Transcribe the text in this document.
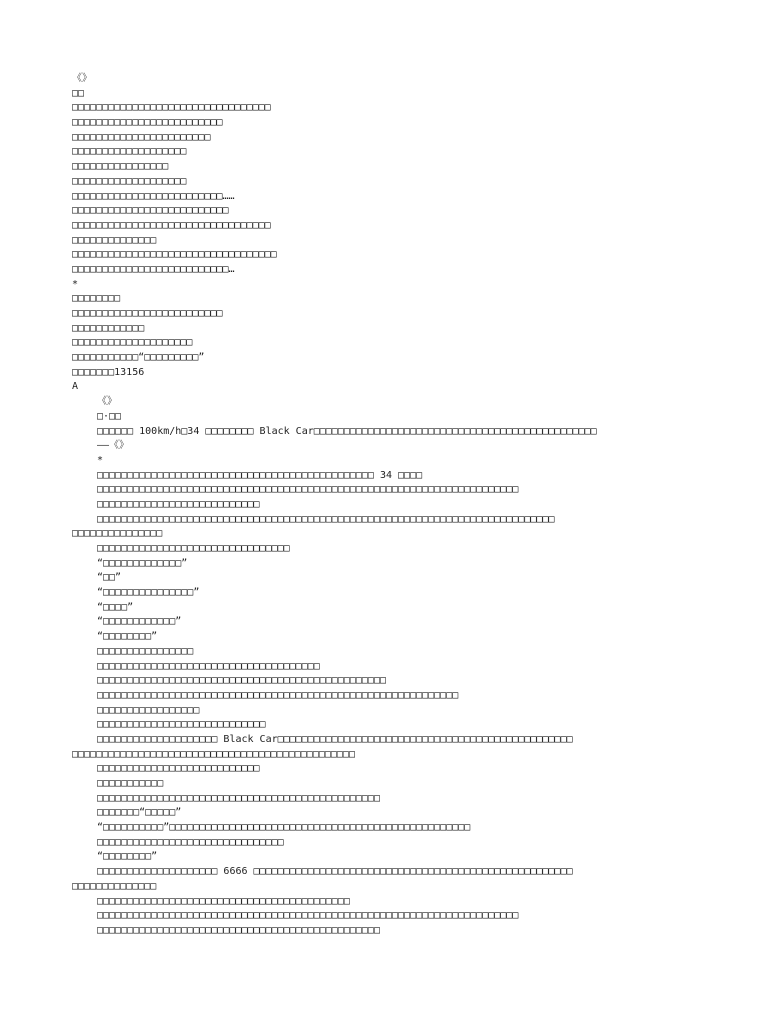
《》
□□
□□□□□□□□□□□□□□□□□□□□□□□□□□□□□□□□□
□□□□□□□□□□□□□□□□□□□□□□□□□
□□□□□□□□□□□□□□□□□□□□□□□
□□□□□□□□□□□□□□□□□□□
□□□□□□□□□□□□□□□□
□□□□□□□□□□□□□□□□□□□
□□□□□□□□□□□□□□□□□□□□□□□□□……
□□□□□□□□□□□□□□□□□□□□□□□□□□
□□□□□□□□□□□□□□□□□□□□□□□□□□□□□□□□□
□□□□□□□□□□□□□□
□□□□□□□□□□□□□□□□□□□□□□□□□□□□□□□□□□
□□□□□□□□□□□□□□□□□□□□□□□□□□…
*
□□□□□□□□
□□□□□□□□□□□□□□□□□□□□□□□□□
□□□□□□□□□□□□
□□□□□□□□□□□□□□□□□□□□
□□□□□□□□□□□“□□□□□□□□□”
□□□□□□□13156
A
《》
□·□□
□□□□□□ 100km/h□34 □□□□□□□□ Black Car□□□□□□□□□□□□□□□□□□□□□□□□□□□□□□□□□□□□□□□□□□□□□□□
——《》
*
□□□□□□□□□□□□□□□□□□□□□□□□□□□□□□□□□□□□□□□□□□□□□□ 34 □□□□
□□□□□□□□□□□□□□□□□□□□□□□□□□□□□□□□□□□□□□□□□□□□□□□□□□□□□□□□□□□□□□□□□□□□□□
□□□□□□□□□□□□□□□□□□□□□□□□□□□
□□□□□□□□□□□□□□□□□□□□□□□□□□□□□□□□□□□□□□□□□□□□□□□□□□□□□□□□□□□□□□□□□□□□□□□□□□□□
□□□□□□□□□□□□□□□
□□□□□□□□□□□□□□□□□□□□□□□□□□□□□□□□
“□□□□□□□□□□□□□”
“□□”
“□□□□□□□□□□□□□□□”
“□□□□”
“□□□□□□□□□□□□”
“□□□□□□□□”
□□□□□□□□□□□□□□□□
□□□□□□□□□□□□□□□□□□□□□□□□□□□□□□□□□□□□□
□□□□□□□□□□□□□□□□□□□□□□□□□□□□□□□□□□□□□□□□□□□□□□□□
□□□□□□□□□□□□□□□□□□□□□□□□□□□□□□□□□□□□□□□□□□□□□□□□□□□□□□□□□□□□
□□□□□□□□□□□□□□□□□
□□□□□□□□□□□□□□□□□□□□□□□□□□□□
□□□□□□□□□□□□□□□□□□□□ Black Car□□□□□□□□□□□□□□□□□□□□□□□□□□□□□□□□□□□□□□□□□□□□□□□□□
□□□□□□□□□□□□□□□□□□□□□□□□□□□□□□□□□□□□□□□□□□□□□□□
□□□□□□□□□□□□□□□□□□□□□□□□□□□
□□□□□□□□□□□
□□□□□□□□□□□□□□□□□□□□□□□□□□□□□□□□□□□□□□□□□□□□□□□
□□□□□□□“□□□□□”
“□□□□□□□□□□”□□□□□□□□□□□□□□□□□□□□□□□□□□□□□□□□□□□□□□□□□□□□□□□□□□
□□□□□□□□□□□□□□□□□□□□□□□□□□□□□□□
“□□□□□□□□”
□□□□□□□□□□□□□□□□□□□□ 6666 □□□□□□□□□□□□□□□□□□□□□□□□□□□□□□□□□□□□□□□□□□□□□□□□□□□□□
□□□□□□□□□□□□□□
□□□□□□□□□□□□□□□□□□□□□□□□□□□□□□□□□□□□□□□□□□
□□□□□□□□□□□□□□□□□□□□□□□□□□□□□□□□□□□□□□□□□□□□□□□□□□□□□□□□□□□□□□□□□□□□□□
□□□□□□□□□□□□□□□□□□□□□□□□□□□□□□□□□□□□□□□□□□□□□□□
